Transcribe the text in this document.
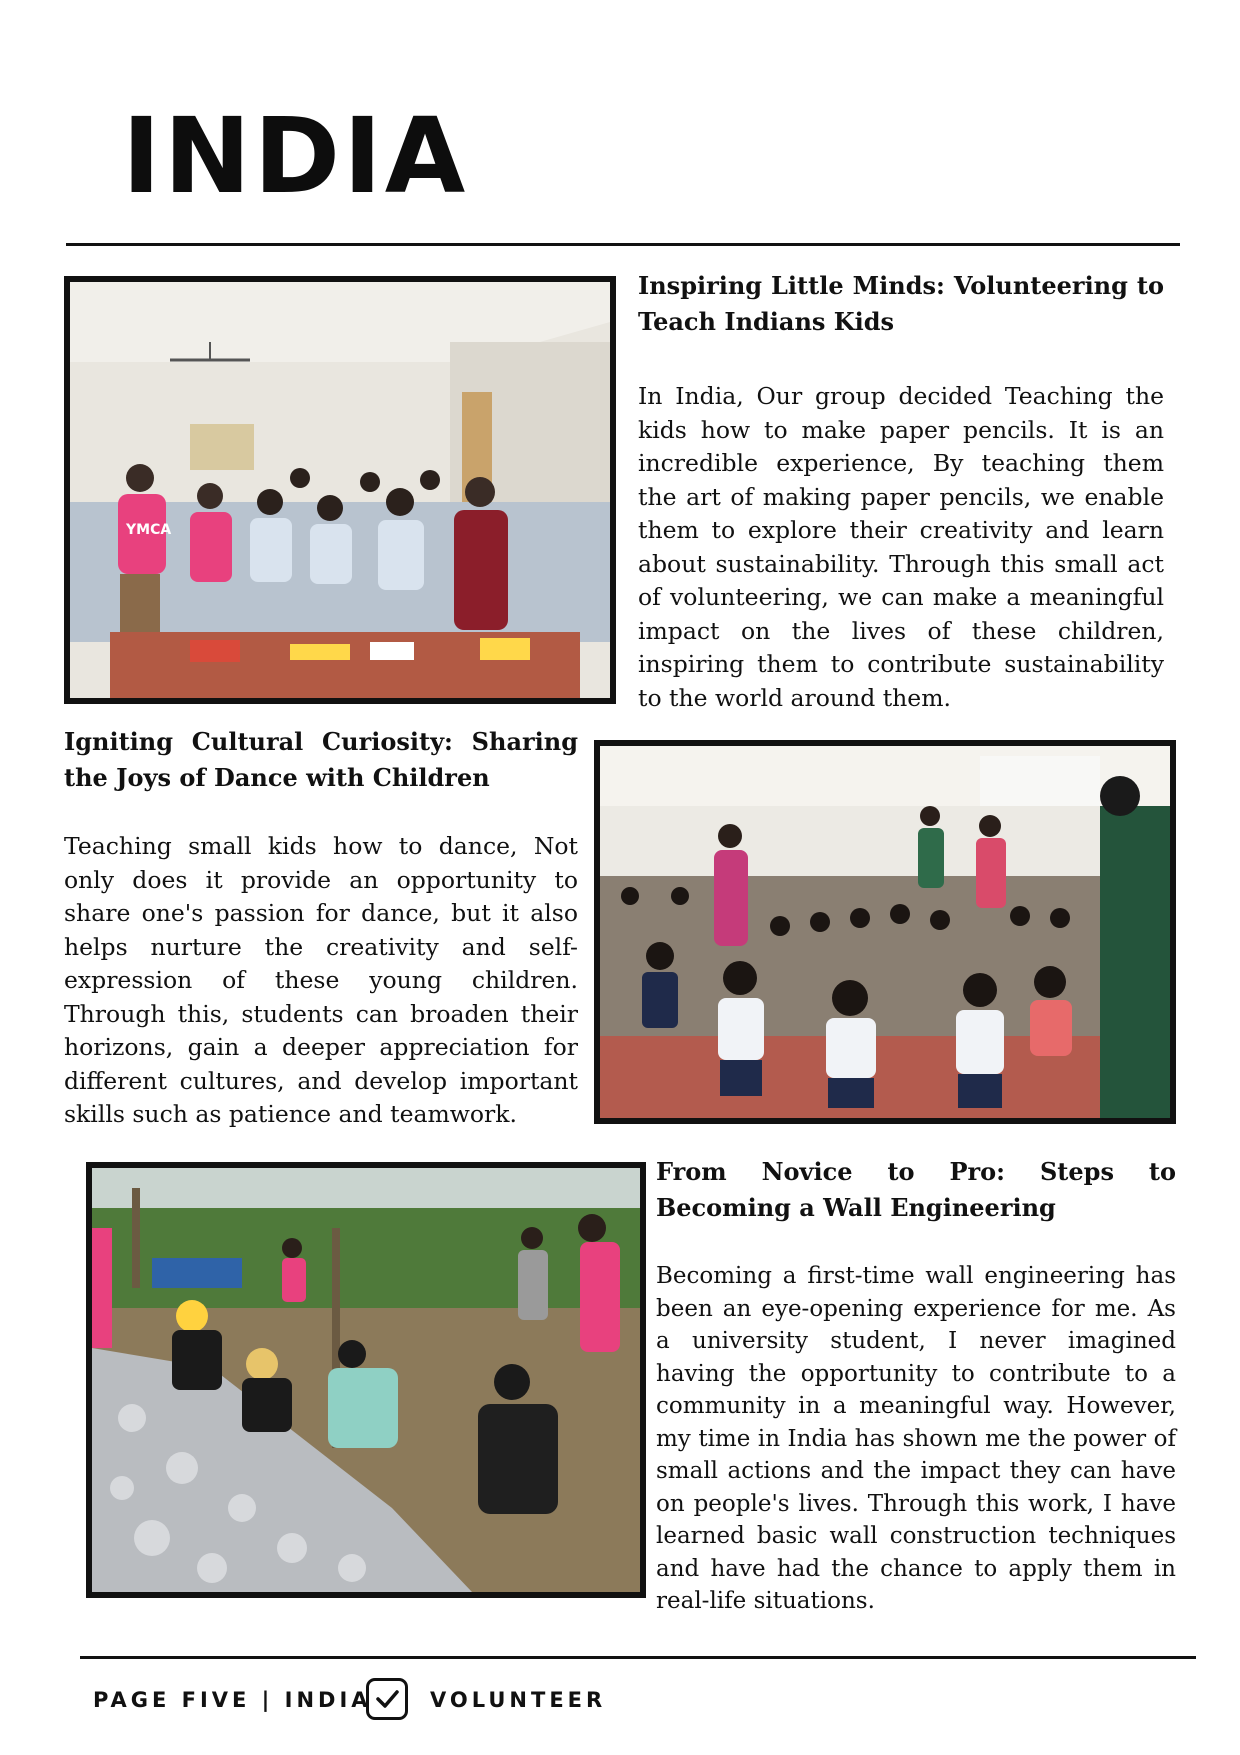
INDIA
YMCA
Inspiring Little Minds: Volunteering to Teach Indians Kids
In India, Our group decided Teaching the kids how to make paper pencils. It is an incredible experience, By teaching them the art of making paper pencils, we enable them to explore their creativity and learn about sustainability. Through this small act of volunteering, we can make a meaningful impact on the lives of these children, inspiring them to contribute sustainability to the world around them.
Igniting Cultural Curiosity: Sharing the Joys of Dance with Children
Teaching small kids how to dance, Not only does it provide an opportunity to share one's passion for dance, but it also helps nurture the creativity and self-expression of these young children. Through this, students can broaden their horizons, gain a deeper appreciation for different cultures, and develop important skills such as patience and teamwork.
From Novice to Pro: Steps to Becoming a Wall Engineering
Becoming a first-time wall engineering has been an eye-opening experience for me. As a university student, I never imagined having the opportunity to contribute to a community in a meaningful way. However, my time in India has shown me the power of small actions and the impact they can have on people's lives. Through this work, I have learned basic wall construction techniques and have had the chance to apply them in real-life situations.
PAGE FIVE | INDIA	VOLUNTEER
